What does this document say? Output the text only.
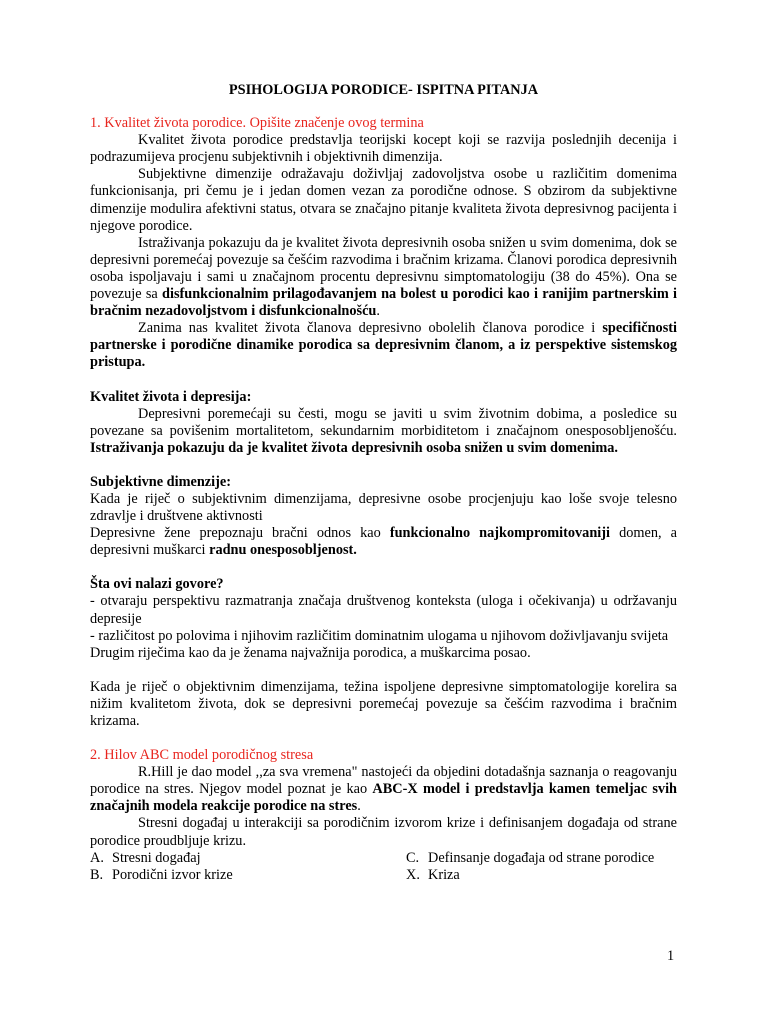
PSIHOLOGIJA PORODICE- ISPITNA PITANJA

1. Kvalitet života porodice. Opišite značenje ovog termina

Kvalitet života porodice predstavlja teorijski kocept koji se razvija poslednjih decenija i podrazumijeva procjenu subjektivnih i objektivnih dimenzija.

Subjektivne dimenzije odražavaju doživljaj zadovoljstva osobe u različitim domenima funkcionisanja, pri čemu je i jedan domen vezan za porodične odnose. S obzirom da subjektivne dimenzije modulira afektivni status, otvara se značajno pitanje kvaliteta života depresivnog pacijenta i njegove porodice.

Istraživanja pokazuju da je kvalitet života depresivnih osoba snižen u svim domenima, dok se depresivni poremećaj povezuje sa češćim razvodima i bračnim krizama. Članovi porodica depresivnih osoba ispoljavaju i sami u značajnom procentu depresivnu simptomatologiju (38 do 45%). Ona se povezuje sa disfunkcionalnim prilagođavanjem na bolest u porodici kao i ranijim partnerskim i bračnim nezadovoljstvom i disfunkcionalnošću.

Zanima nas kvalitet života članova depresivno obolelih članova porodice i specifičnosti partnerske i porodične dinamike porodica sa depresivnim članom, a iz perspektive sistemskog pristupa.

Kvalitet života i depresija:

Depresivni poremećaji su česti, mogu se javiti u svim životnim dobima, a posledice su povezane sa povišenim mortalitetom, sekundarnim morbiditetom i značajnom onesposobljenošću. Istraživanja pokazuju da je kvalitet života depresivnih osoba snižen u svim domenima.

Subjektivne dimenzije:

Kada je riječ o subjektivnim dimenzijama, depresivne osobe procjenjuju kao loše svoje telesno zdravlje i društvene aktivnosti

Depresivne žene prepoznaju bračni odnos kao funkcionalno najkompromitovaniji domen, a depresivni muškarci radnu onesposobljenost.

Šta ovi nalazi govore?

- otvaraju perspektivu razmatranja značaja društvenog konteksta (uloga i očekivanja) u održavanju depresije

- različitost po polovima i njihovim različitim dominatnim ulogama u njihovom doživljavanju svijeta

Drugim riječima kao da je ženama najvažnija porodica, a muškarcima posao.

Kada je riječ o objektivnim dimenzijama, težina ispoljene depresivne simptomatologije korelira sa nižim kvalitetom života, dok se depresivni poremećaj povezuje sa češćim razvodima i bračnim krizama.

2. Hilov ABC model porodičnog stresa

R.Hill je dao model ,,za sva vremena" nastojeći da objedini dotadašnja saznanja o reagovanju porodice na stres. Njegov model poznat je kao ABC-X model i predstavlja kamen temeljac svih značajnih modela reakcije porodice na stres.

Stresni događaj u interakciji sa porodičnim izvorom krize i definisanjem događaja od strane porodice proudbljuje krizu.

A. Stresni događaj	C. Definsanje događaja od strane porodice
B. Porodični izvor krize	X. Kriza
1
